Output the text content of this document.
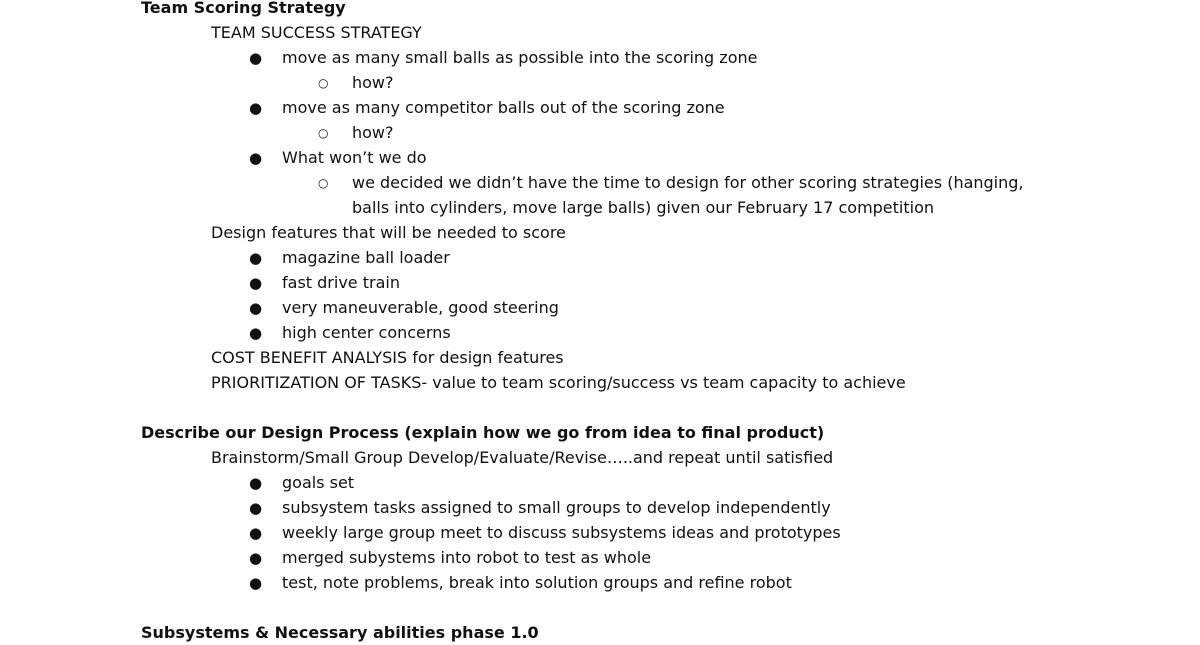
Team Scoring Strategy
TEAM SUCCESS STRATEGY
● move as many small balls as possible into the scoring zone
○ how?
● move as many competitor balls out of the scoring zone
○ how?
● What won’t we do
○ we decided we didn’t have the time to design for other scoring strategies (hanging,
balls into cylinders, move large balls) given our February 17 competition
Design features that will be needed to score
● magazine ball loader
● fast drive train
● very maneuverable, good steering
● high center concerns
COST BENEFIT ANALYSIS for design features
PRIORITIZATION OF TASKS- value to team scoring/success vs team capacity to achieve
Describe our Design Process (explain how we go from idea to final product)
Brainstorm/Small Group Develop/Evaluate/Revise…..and repeat until satisfied
● goals set
● subsystem tasks assigned to small groups to develop independently
● weekly large group meet to discuss subsystems ideas and prototypes
● merged subystems into robot to test as whole
● test, note problems, break into solution groups and refine robot
Subsystems & Necessary abilities phase 1.0
